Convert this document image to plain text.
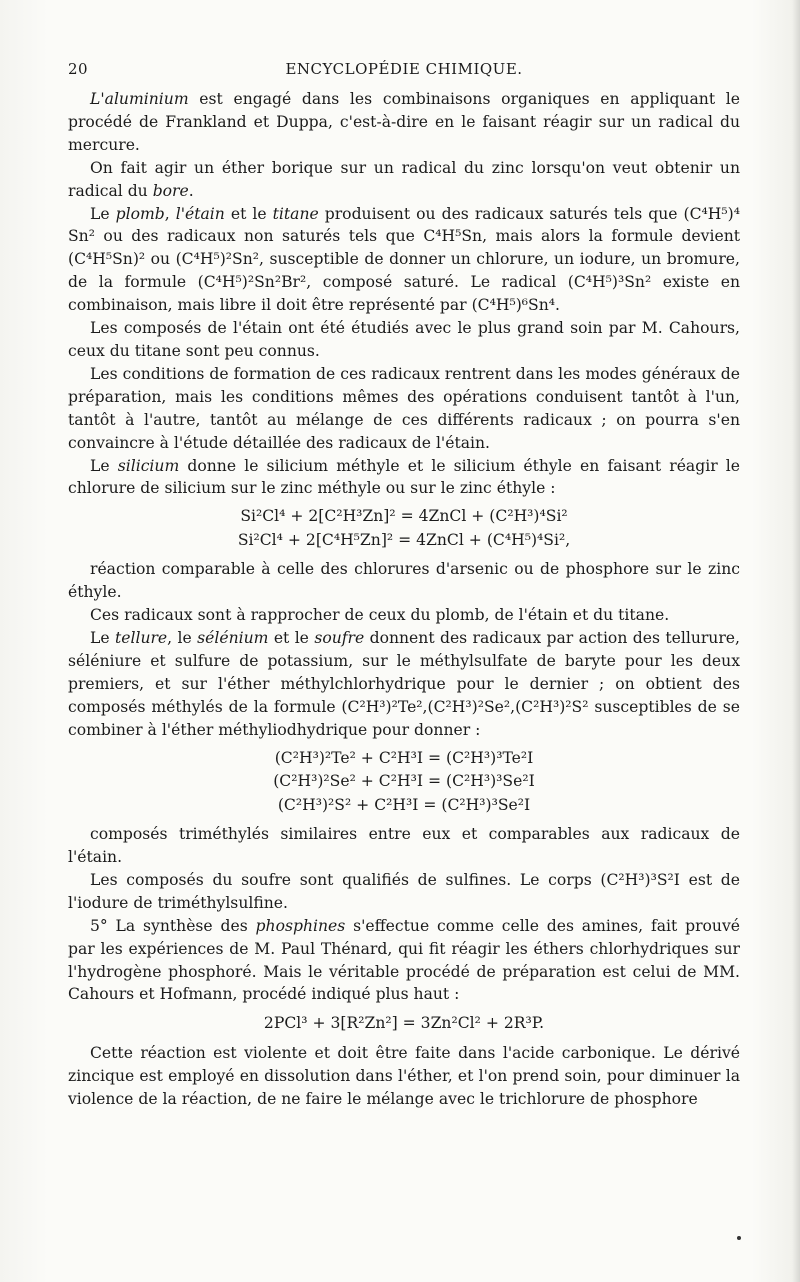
20	ENCYCLOPÉDIE CHIMIQUE.

L'aluminium est engagé dans les combinaisons organiques en appliquant le procédé de Frankland et Duppa, c'est-à-dire en le faisant réagir sur un radical du mercure.

On fait agir un éther borique sur un radical du zinc lorsqu'on veut obtenir un radical du bore.

Le plomb, l'étain et le titane produisent ou des radicaux saturés tels que (C⁴H⁵)⁴ Sn² ou des radicaux non saturés tels que C⁴H⁵Sn, mais alors la formule devient (C⁴H⁵Sn)² ou (C⁴H⁵)²Sn², susceptible de donner un chlorure, un iodure, un bromure, de la formule (C⁴H⁵)²Sn²Br², composé saturé. Le radical (C⁴H⁵)³Sn² existe en combinaison, mais libre il doit être représenté par (C⁴H⁵)⁶Sn⁴.

Les composés de l'étain ont été étudiés avec le plus grand soin par M. Cahours, ceux du titane sont peu connus.

Les conditions de formation de ces radicaux rentrent dans les modes généraux de préparation, mais les conditions mêmes des opérations conduisent tantôt à l'un, tantôt à l'autre, tantôt au mélange de ces différents radicaux ; on pourra s'en convaincre à l'étude détaillée des radicaux de l'étain.

Le silicium donne le silicium méthyle et le silicium éthyle en faisant réagir le chlorure de silicium sur le zinc méthyle ou sur le zinc éthyle :

Si²Cl⁴ + 2[C²H³Zn]² = 4ZnCl + (C²H³)⁴Si²

Si²Cl⁴ + 2[C⁴H⁵Zn]² = 4ZnCl + (C⁴H⁵)⁴Si²,

réaction comparable à celle des chlorures d'arsenic ou de phosphore sur le zinc éthyle.

Ces radicaux sont à rapprocher de ceux du plomb, de l'étain et du titane.

Le tellure, le sélénium et le soufre donnent des radicaux par action des tellurure, séléniure et sulfure de potassium, sur le méthylsulfate de baryte pour les deux premiers, et sur l'éther méthylchlorhydrique pour le dernier ; on obtient des composés méthylés de la formule (C²H³)²Te²,(C²H³)²Se²,(C²H³)²S² susceptibles de se combiner à l'éther méthyliodhydrique pour donner :

(C²H³)²Te² + C²H³I = (C²H³)³Te²I

(C²H³)²Se² + C²H³I = (C²H³)³Se²I

(C²H³)²S² + C²H³I = (C²H³)³Se²I

composés triméthylés similaires entre eux et comparables aux radicaux de l'étain.

Les composés du soufre sont qualifiés de sulfines. Le corps (C²H³)³S²I est de l'iodure de triméthylsulfine.

5° La synthèse des phosphines s'effectue comme celle des amines, fait prouvé par les expériences de M. Paul Thénard, qui fit réagir les éthers chlorhydriques sur l'hydrogène phosphoré. Mais le véritable procédé de préparation est celui de MM. Cahours et Hofmann, procédé indiqué plus haut :

2PCl³ + 3[R²Zn²] = 3Zn²Cl² + 2R³P.

Cette réaction est violente et doit être faite dans l'acide carbonique. Le dérivé zincique est employé en dissolution dans l'éther, et l'on prend soin, pour diminuer la violence de la réaction, de ne faire le mélange avec le trichlorure de phosphore
